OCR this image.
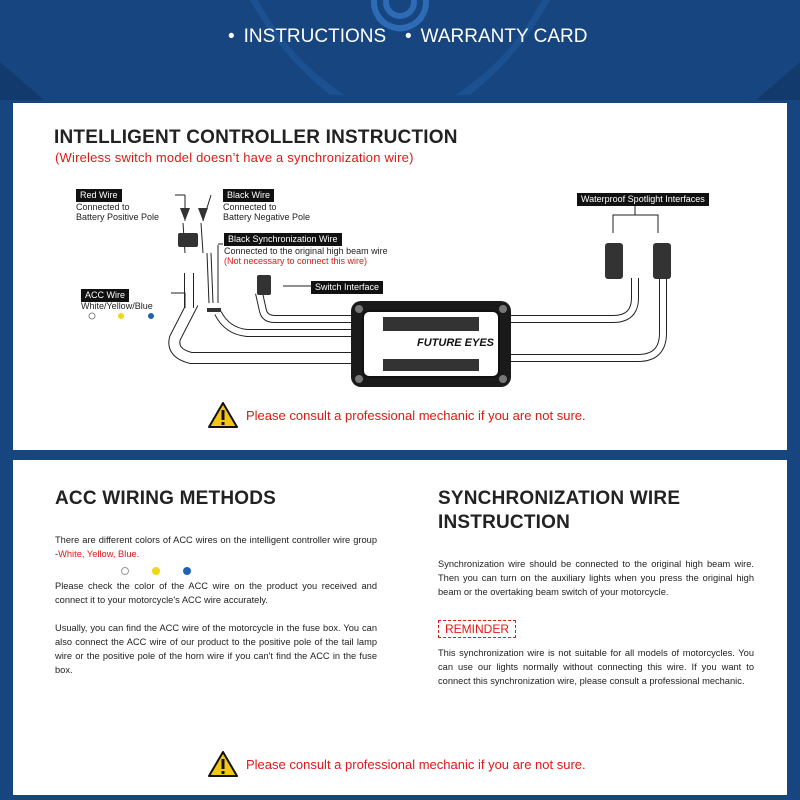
• INSTRUCTIONS • WARRANTY CARD
INTELLIGENT CONTROLLER INSTRUCTION
(Wireless switch model doesn’t have a synchronization wire)
FUTURE EYES
Red Wire
Connected to
Battery Positive Pole
Black Wire
Connected to
Battery Negative Pole
Black Synchronization Wire
Connected to the original high beam wire
(Not necessary to connect this wire)
ACC Wire
White/Yellow/Blue
Switch Interface
Waterproof Spotlight Interfaces
Please consult a professional mechanic if you are not sure.
ACC WIRING METHODS

There are different colors of ACC wires on the intelligent controller wire group -White, Yellow, Blue.

Please check the color of the ACC wire on the product you received and connect it to your motorcycle's ACC wire accurately.

Usually, you can find the ACC wire of the motorcycle in the fuse box. You can also connect the ACC wire of our product to the positive pole of the tail lamp wire or the positive pole of the horn wire if you can't find the ACC in the fuse box.

SYNCHRONIZATION WIRE
INSTRUCTION
Synchronization wire should be connected to the original high beam wire. Then you can turn on the auxiliary lights when you press the original high beam or the overtaking beam switch of your motorcycle.
REMINDER
This synchronization wire is not suitable for all models of motorcycles. You can use our lights normally without connecting this wire. If you want to connect this synchronization wire, please consult a professional mechanic.
Please consult a professional mechanic if you are not sure.
